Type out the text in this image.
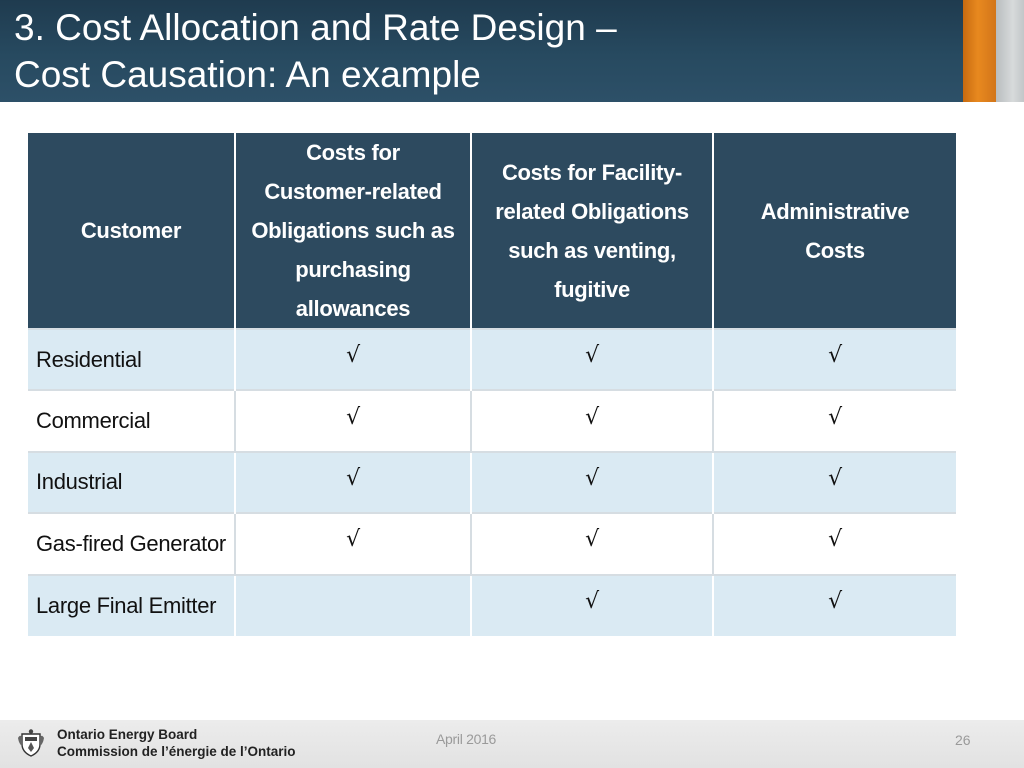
3. Cost Allocation and Rate Design –
Cost Causation: An example
Customer	Costs for
Customer-related
Obligations such as
purchasing
allowances	Costs for Facility-
related Obligations
such as venting,
fugitive	Administrative
Costs
Residential	√	√	√
Commercial	√	√	√
Industrial	√	√	√
Gas-fired Generator	√	√	√
Large Final Emitter		√	√
Ontario Energy Board
Commission de l’énergie de l’Ontario
April 2016	26
